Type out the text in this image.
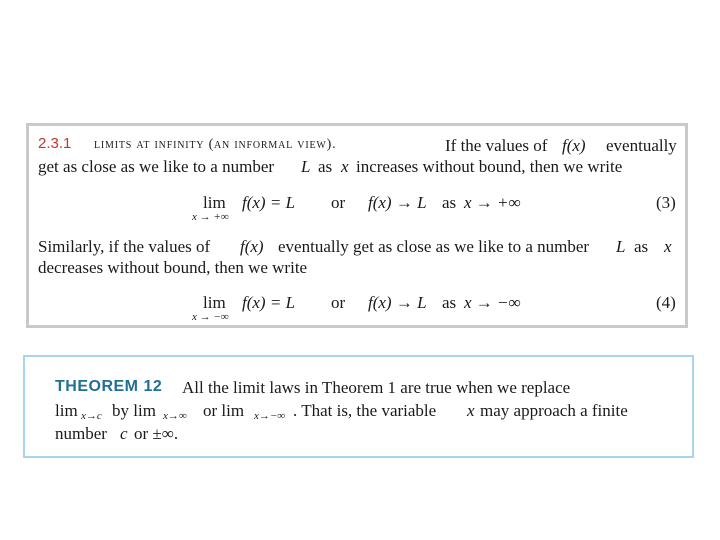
2.3.1 limits at infinity (an informal view).	If the values of f(x) eventually
get as close as we like to a number L as x increases without bound, then we write
lim
x → +∞
f(x) = L or f(x) → L as x → +∞	(3)
Similarly, if the values of f(x) eventually get as close as we like to a number L as x
decreases without bound, then we write
lim
x → −∞
f(x) = L or f(x) → L as x → −∞	(4)
THEOREM 12 All the limit laws in Theorem 1 are true when we replace
lim x→c by lim x→∞ or lim x→−∞ . That is, the variable x may approach a finite
number c or ±∞.
